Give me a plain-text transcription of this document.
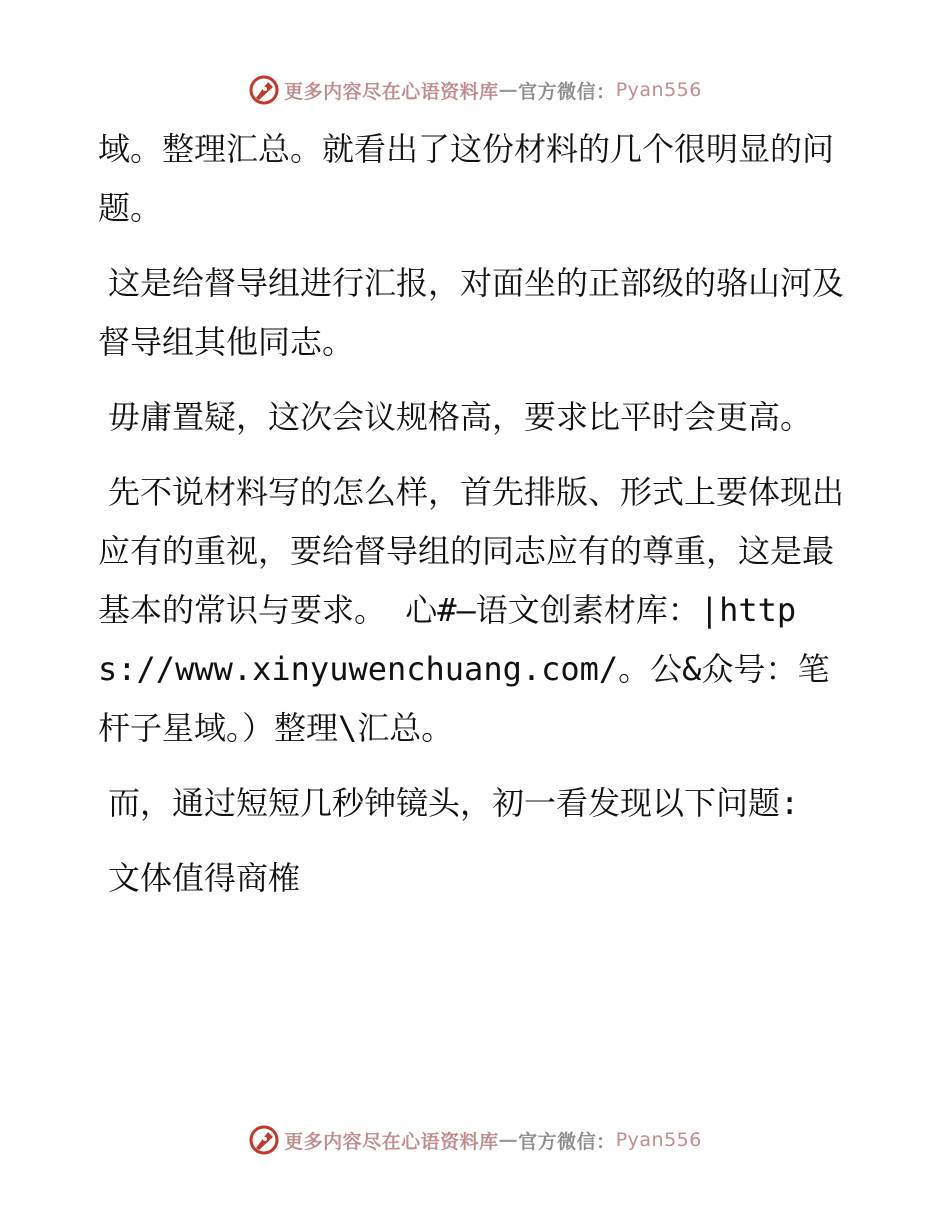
更多内容尽在心语资料库 — 官方微信： Pyan556

域。整理汇总。就看出了这份材料的几个很明显的问题。

这是给督导组进行汇报，对面坐的正部级的骆山河及督导组其他同志。

毋庸置疑，这次会议规格高，要求比平时会更高。

先不说材料写的怎么样，首先排版、形式上要体现出应有的重视，要给督导组的同志应有的尊重，这是最基本的常识与要求。 心#—语文创素材库：|https://www.xinyuwenchuang.com/。公&众号：笔杆子星域。）整理\汇总。

而，通过短短几秒钟镜头，初一看发现以下问题:

文体值得商榷

更多内容尽在心语资料库 — 官方微信： Pyan556
